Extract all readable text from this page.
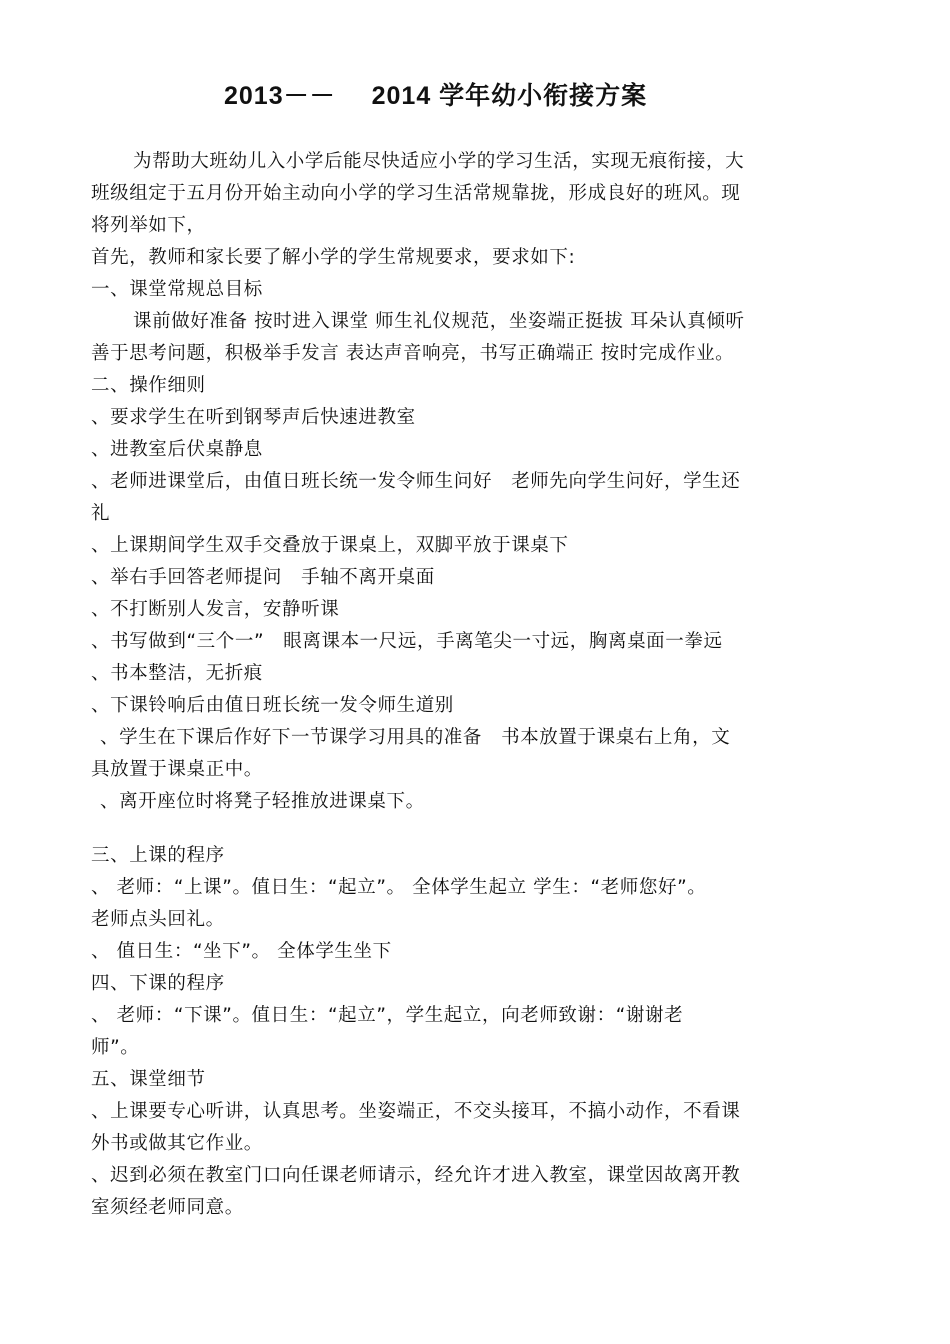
2013－－ 2014 学年幼小衔接方案
为帮助大班幼儿入小学后能尽快适应小学的学习生活，实现无痕衔接，大
班级组定于五月份开始主动向小学的学习生活常规靠拢，形成良好的班风。现
将列举如下，
首先，教师和家长要了解小学的学生常规要求，要求如下:
一、课堂常规总目标
课前做好准备 按时进入课堂 师生礼仪规范，坐姿端正挺拔 耳朵认真倾听
善于思考问题，积极举手发言 表达声音响亮，书写正确端正 按时完成作业。
二、操作细则
、要求学生在听到钢琴声后快速进教室
、进教室后伏桌静息
、老师进课堂后，由值日班长统一发令师生问好　老师先向学生问好，学生还
礼
、上课期间学生双手交叠放于课桌上，双脚平放于课桌下
、举右手回答老师提问　手轴不离开桌面
、不打断别人发言，安静听课
、书写做到“三个一”　眼离课本一尺远，手离笔尖一寸远，胸离桌面一拳远
、书本整洁，无折痕
、下课铃响后由值日班长统一发令师生道别
、学生在下课后作好下一节课学习用具的准备　书本放置于课桌右上角，文
具放置于课桌正中。
、离开座位时将凳子轻推放进课桌下。
三、上课的程序
、 老师：“上课”。值日生：“起立”。 全体学生起立 学生：“老师您好”。
老师点头回礼。
、 值日生：“坐下”。 全体学生坐下
四、下课的程序
、 老师：“下课”。值日生：“起立”，学生起立，向老师致谢：“谢谢老
师”。
五、课堂细节
、上课要专心听讲，认真思考。坐姿端正，不交头接耳，不搞小动作，不看课
外书或做其它作业。
、迟到必须在教室门口向任课老师请示，经允许才进入教室，课堂因故离开教
室须经老师同意。
